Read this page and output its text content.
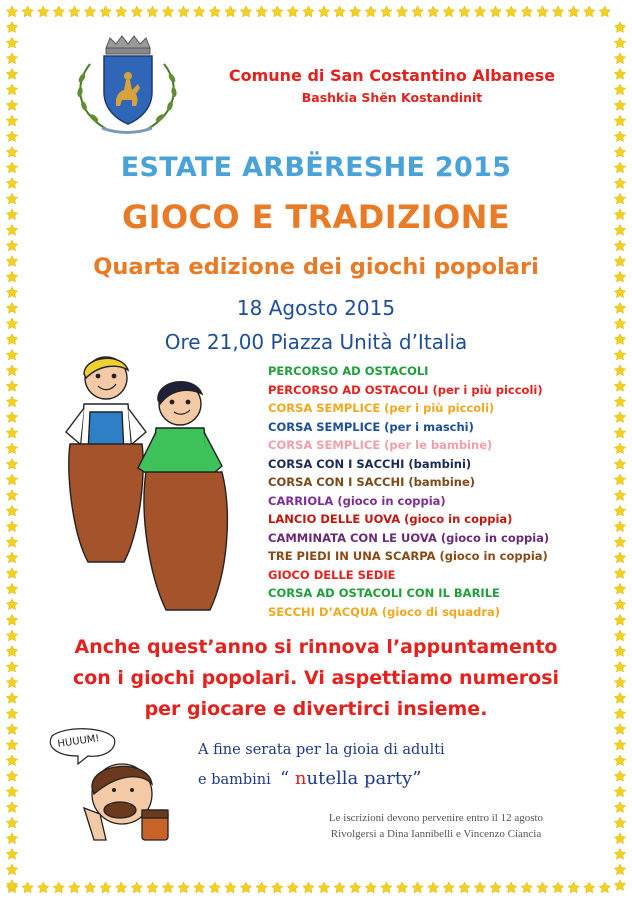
Comune di San Costantino Albanese
Bashkia Shën Kostandinit
ESTATE ARBËRESHE 2015
GIOCO E TRADIZIONE
Quarta edizione dei giochi popolari
18 Agosto 2015
Ore 21,00 Piazza Unità d’Italia
PERCORSO AD OSTACOLI
PERCORSO AD OSTACOLI (per i più piccoli)
CORSA SEMPLICE (per i più piccoli)
CORSA SEMPLICE (per i maschi)
CORSA SEMPLICE (per le bambine)
CORSA CON I SACCHI (bambini)
CORSA CON I SACCHI (bambine)
CARRIOLA (gioco in coppia)
LANCIO DELLE UOVA (gioco in coppia)
CAMMINATA CON LE UOVA (gioco in coppia)
TRE PIEDI IN UNA SCARPA (gioco in coppia)
GIOCO DELLE SEDIE
CORSA AD OSTACOLI CON IL BARILE
SECCHI D’ACQUA (gioco di squadra)
Anche quest’anno si rinnova l’appuntamento
con i giochi popolari. Vi aspettiamo numerosi
per giocare e divertirci insieme.
HUUUM!
A fine serata per la gioia di adulti
e bambini “ nutella party”
Le iscrizioni devono pervenire entro il 12 agosto
Rivolgersi a Dina Iannibelli e Vincenzo Ciancia
